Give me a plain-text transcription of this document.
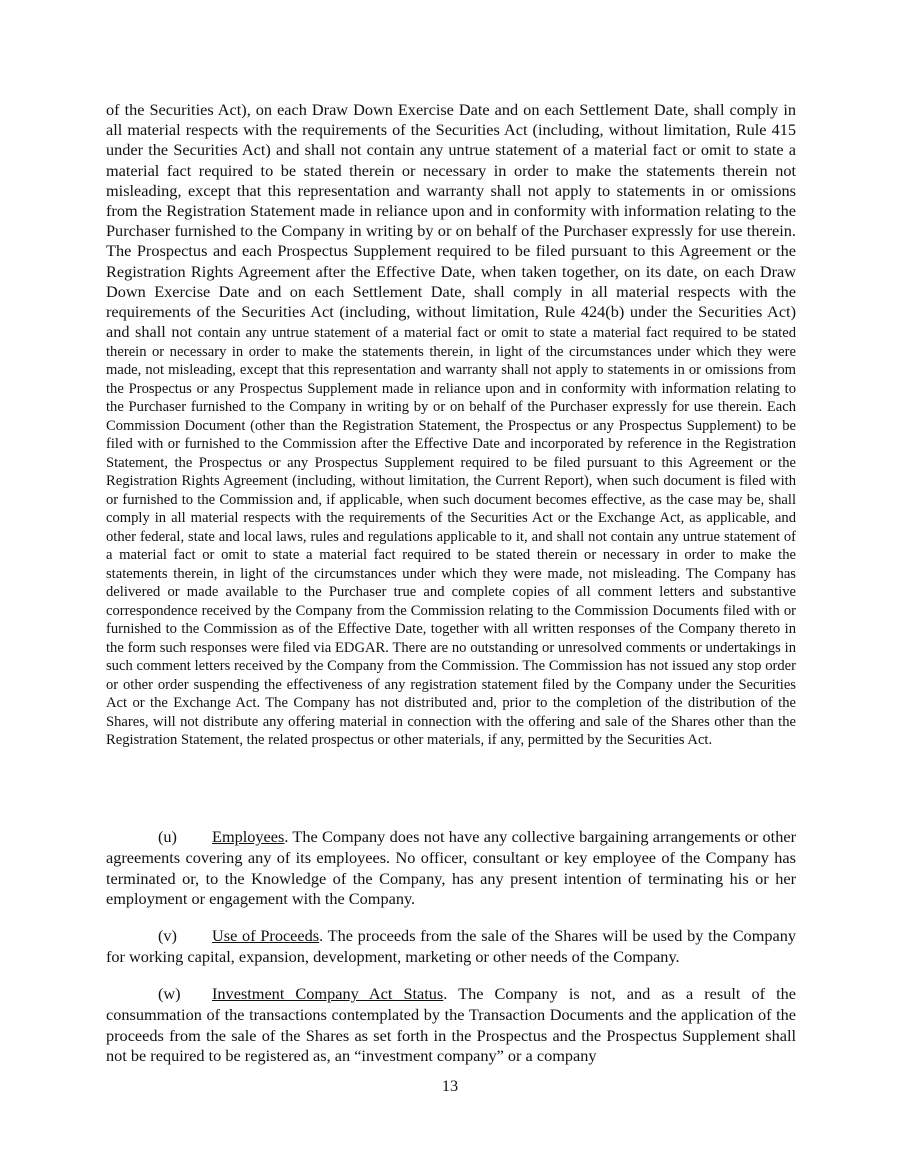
of the Securities Act), on each Draw Down Exercise Date and on each Settlement Date, shall comply in all material respects with the requirements of the Securities Act (including, without limitation, Rule 415 under the Securities Act) and shall not contain any untrue statement of a material fact or omit to state a material fact required to be stated therein or necessary in order to make the statements therein not misleading, except that this representation and warranty shall not apply to statements in or omissions from the Registration Statement made in reliance upon and in conformity with information relating to the Purchaser furnished to the Company in writing by or on behalf of the Purchaser expressly for use therein. The Prospectus and each Prospectus Supplement required to be filed pursuant to this Agreement or the Registration Rights Agreement after the Effective Date, when taken together, on its date, on each Draw Down Exercise Date and on each Settlement Date, shall comply in all material respects with the requirements of the Securities Act (including, without limitation, Rule 424(b) under the Securities Act) and shall not contain any untrue statement of a material fact or omit to state a material fact required to be stated therein or necessary in order to make the statements therein, in light of the circumstances under which they were made, not misleading, except that this representation and warranty shall not apply to statements in or omissions from the Prospectus or any Prospectus Supplement made in reliance upon and in conformity with information relating to the Purchaser furnished to the Company in writing by or on behalf of the Purchaser expressly for use therein. Each Commission Document (other than the Registration Statement, the Prospectus or any Prospectus Supplement) to be filed with or furnished to the Commission after the Effective Date and incorporated by reference in the Registration Statement, the Prospectus or any Prospectus Supplement required to be filed pursuant to this Agreement or the Registration Rights Agreement (including, without limitation, the Current Report), when such document is filed with or furnished to the Commission and, if applicable, when such document becomes effective, as the case may be, shall comply in all material respects with the requirements of the Securities Act or the Exchange Act, as applicable, and other federal, state and local laws, rules and regulations applicable to it, and shall not contain any untrue statement of a material fact or omit to state a material fact required to be stated therein or necessary in order to make the statements therein, in light of the circumstances under which they were made, not misleading. The Company has delivered or made available to the Purchaser true and complete copies of all comment letters and substantive correspondence received by the Company from the Commission relating to the Commission Documents filed with or furnished to the Commission as of the Effective Date, together with all written responses of the Company thereto in the form such responses were filed via EDGAR. There are no outstanding or unresolved comments or undertakings in such comment letters received by the Company from the Commission. The Commission has not issued any stop order or other order suspending the effectiveness of any registration statement filed by the Company under the Securities Act or the Exchange Act. The Company has not distributed and, prior to the completion of the distribution of the Shares, will not distribute any offering material in connection with the offering and sale of the Shares other than the Registration Statement, the related prospectus or other materials, if any, permitted by the Securities Act.

(u) Employees. The Company does not have any collective bargaining arrangements or other agreements covering any of its employees. No officer, consultant or key employee of the Company has terminated or, to the Knowledge of the Company, has any present intention of terminating his or her employment or engagement with the Company.

(v) Use of Proceeds. The proceeds from the sale of the Shares will be used by the Company for working capital, expansion, development, marketing or other needs of the Company.

(w) Investment Company Act Status. The Company is not, and as a result of the consummation of the transactions contemplated by the Transaction Documents and the application of the proceeds from the sale of the Shares as set forth in the Prospectus and the Prospectus Supplement shall not be required to be registered as, an “investment company” or a company

13
